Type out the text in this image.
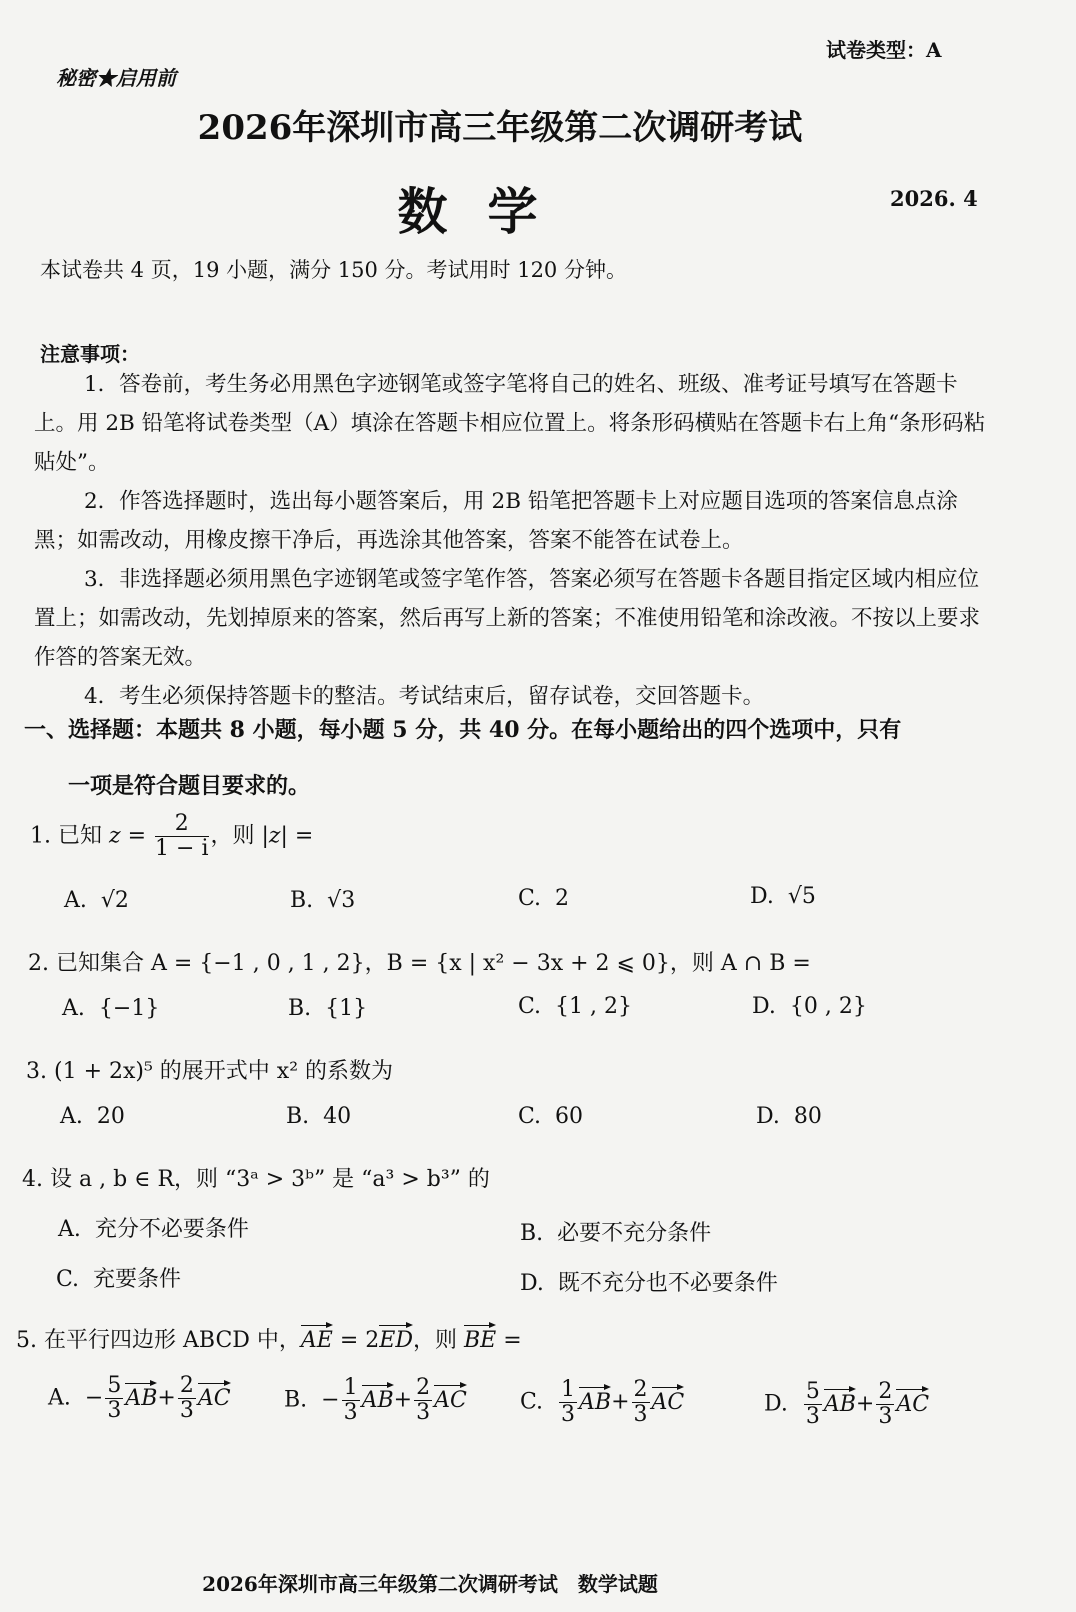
试卷类型：A
秘密★启用前
2026年深圳市高三年级第二次调研考试
数学	2026. 4
本试卷共 4 页，19 小题，满分 150 分。考试用时 120 分钟。
注意事项：

1．答卷前，考生务必用黑色字迹钢笔或签字笔将自己的姓名、班级、准考证号填写在答题卡上。用 2B 铅笔将试卷类型（A）填涂在答题卡相应位置上。将条形码横贴在答题卡右上角“条形码粘贴处”。

2．作答选择题时，选出每小题答案后，用 2B 铅笔把答题卡上对应题目选项的答案信息点涂黑；如需改动，用橡皮擦干净后，再选涂其他答案，答案不能答在试卷上。

3．非选择题必须用黑色字迹钢笔或签字笔作答，答案必须写在答题卡各题目指定区域内相应位置上；如需改动，先划掉原来的答案，然后再写上新的答案；不准使用铅笔和涂改液。不按以上要求作答的答案无效。

4．考生必须保持答题卡的整洁。考试结束后，留存试卷，交回答题卡。

一、选择题：本题共 8 小题，每小题 5 分，共 40 分。在每小题给出的四个选项中，只有
一项是符合题目要求的。
1. 已知 $z = \frac{2}{1 - i}$ ，则 |z| =
A. √2	B. √3	C. 2	D. √5
2. 已知集合 A = {−1 , 0 , 1 , 2}，B = {x | x² − 3x + 2 ⩽ 0}，则 A ∩ B =
A. {−1}	B. {1}	C. {1 , 2}	D. {0 , 2}
3. (1 + 2x)⁵ 的展开式中 x² 的系数为
A. 20	B. 40	C. 60	D. 80
4. 设 a , b ∈ R，则 “3ᵃ > 3ᵇ” 是 “a³ > b³” 的
A. 充分不必要条件	B. 必要不充分条件
C. 充要条件	D. 既不充分也不必要条件
5. 在平行四边形 ABCD 中，AE = 2ED，则 BE =
A. − $\frac{5}{3} AB+ \frac{2}{3}$ AC B. − $\frac{1}{3} AB+ \frac{2}{3}$ AC C. $\frac{1}{3} AB+ \frac{2}{3}$ AC	D. $\frac{5}{3} AB+ \frac{2}{3}$ AC
2026年深圳市高三年级第二次调研考试　数学试题
